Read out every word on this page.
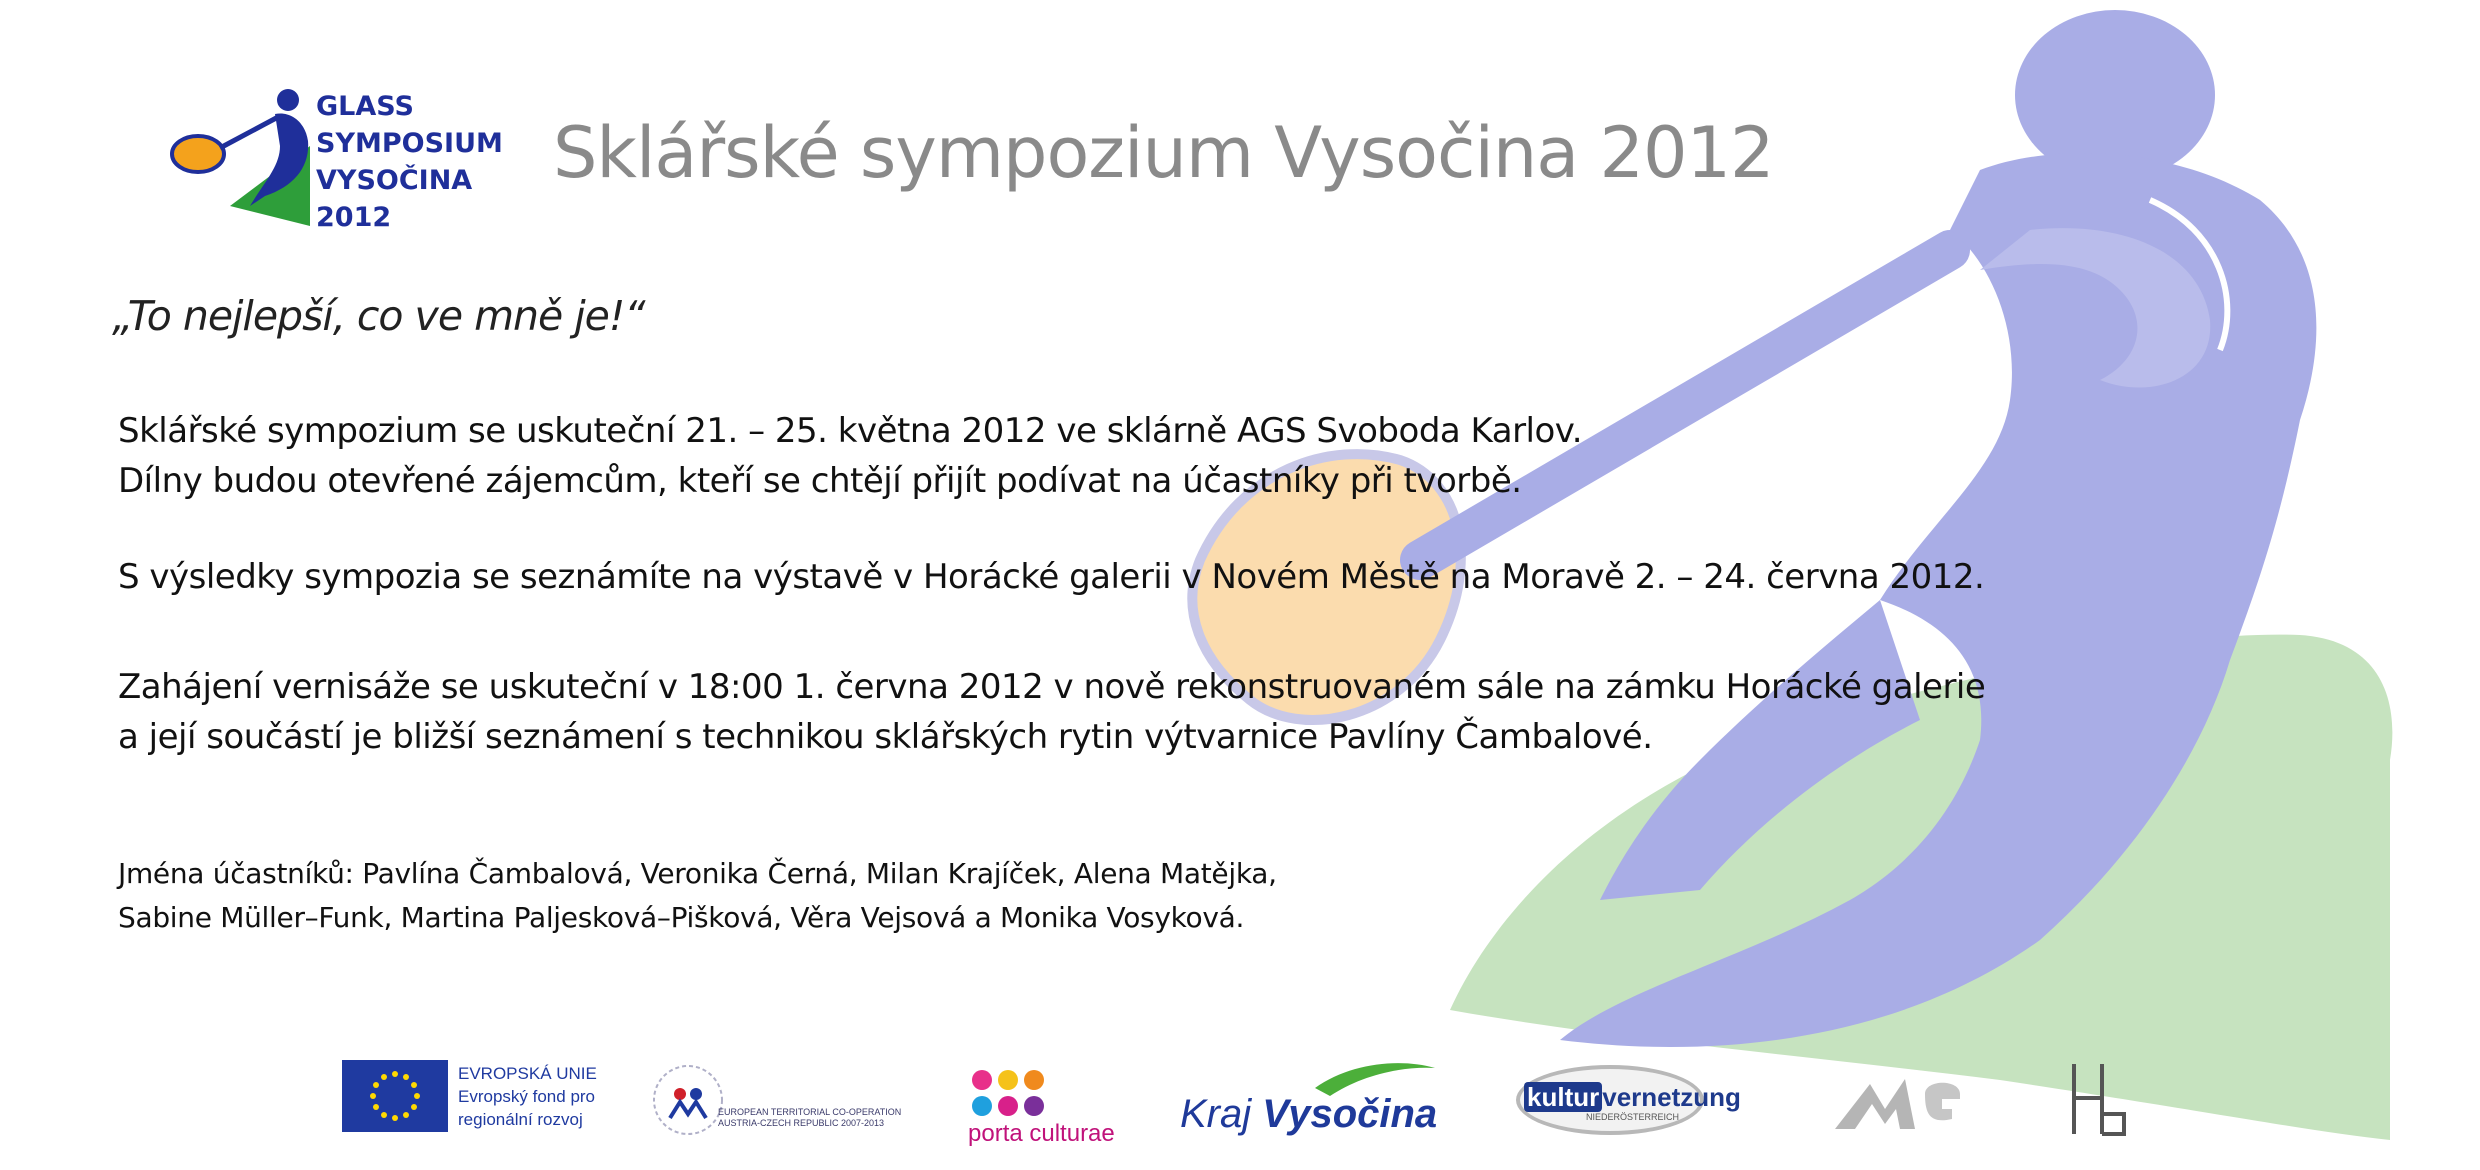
GLASS
SYMPOSIUM
VYSOČINA
2012
Sklářské sympozium Vysočina 2012
„To nejlepší, co ve mně je!“
Sklářské sympozium se uskuteční 21. – 25. května 2012 ve sklárně AGS Svoboda Karlov.
Dílny budou otevřené zájemcům, kteří se chtějí přijít podívat na účastníky při tvorbě.
S výsledky sympozia se seznámíte na výstavě v Horácké galerii v Novém Městě na Moravě 2. – 24. června 2012.
Zahájení vernisáže se uskuteční v 18:00 1. června 2012 v nově rekonstruovaném sále na zámku Horácké galerie
a její součástí je bližší seznámení s technikou sklářských rytin výtvarnice Pavlíny Čambalové.
Jména účastníků: Pavlína Čambalová, Veronika Černá, Milan Krajíček, Alena Matějka,
Sabine Müller–Funk, Martina Paljesková–Pišková, Věra Vejsová a Monika Vosyková.
EVROPSKÁ UNIE
Evropský fond pro
regionální rozvoj	EUROPEAN TERRITORIAL CO-OPERATION
AUSTRIA-CZECH REPUBLIC 2007-2013	porta culturae Kraj Vysočina	kultur vernetzung
NIEDERÖSTERREICH
